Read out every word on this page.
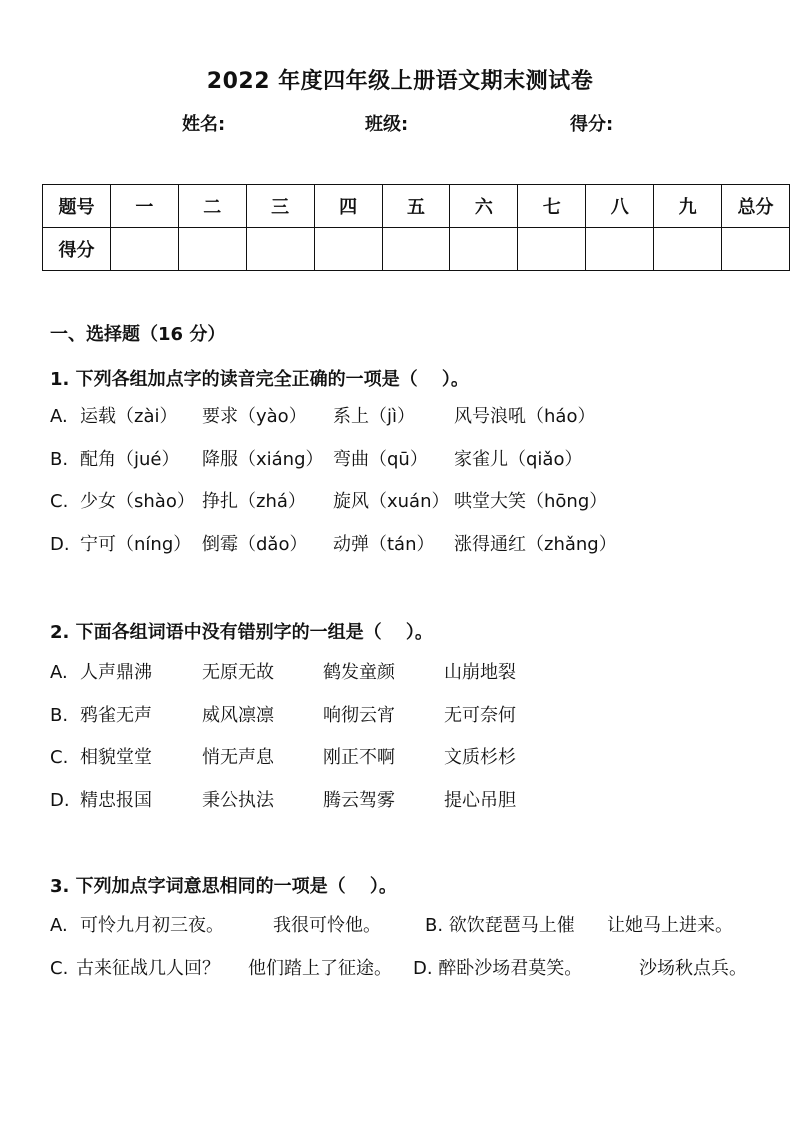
2022 年度四年级上册语文期末测试卷
姓名:	班级:	得分:
题号	一	二	三	四	五	六	七	八	九	总分
得分										
一、选择题（16 分）
1. 下列各组加点字的读音完全正确的一项是（　 ）。
A. 运载（zài） 要求（yào） 系上（jì） 风号浪吼（háo）
B. 配角（jué） 降服（xiáng） 弯曲（qū） 家雀儿（qiǎo）
C. 少女（shào） 挣扎（zhá） 旋风（xuán） 哄堂大笑（hōng）
D. 宁可（níng） 倒霉（dǎo） 动弹（tán） 涨得通红（zhǎng）
2. 下面各组词语中没有错别字的一组是（　 ）。
A. 人声鼎沸	无原无故	鹤发童颜	山崩地裂
B. 鸦雀无声	威风凛凛	响彻云宵	无可奈何
C. 相貌堂堂	悄无声息	刚正不啊	文质杉杉
D. 精忠报国	秉公执法	腾云驾雾	提心吊胆
3. 下列加点字词意思相同的一项是（　 ）。
A. 可怜九月初三夜。	我很可怜他。 B. 欲饮琵琶马上催 让她马上进来。
C. 古来征战几人回？ 他们踏上了征途。 D. 醉卧沙场君莫笑。	沙场秋点兵。
